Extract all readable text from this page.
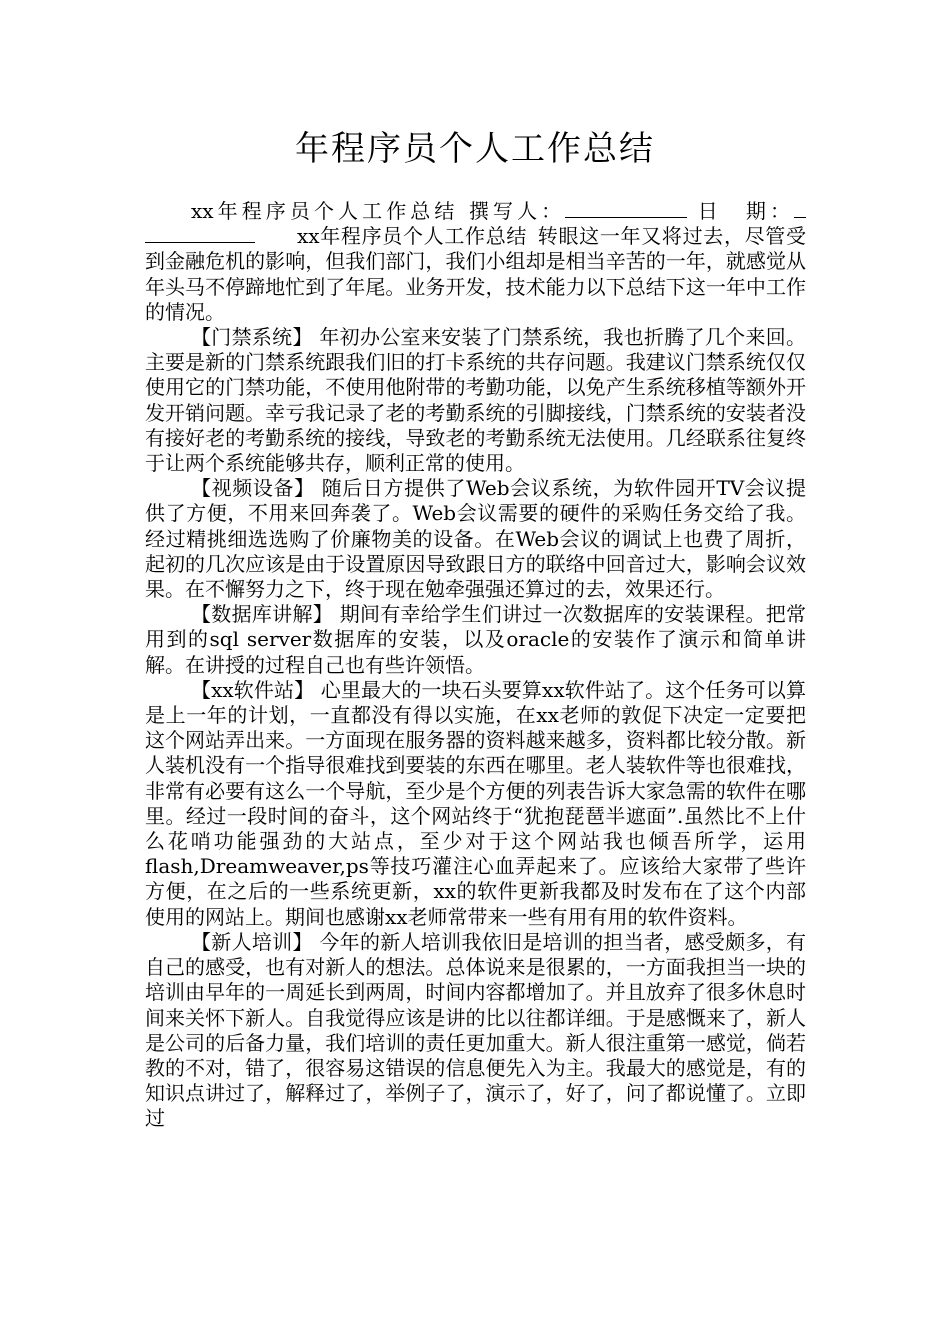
年程序员个人工作总结

xx年程序员个人工作总结 撰写人：	日　期：xx年程序员个人工作总结 转眼这一年又将过去，尽管受到金融危机的影响，但我们部门，我们小组却是相当辛苦的一年，就感觉从年头马不停蹄地忙到了年尾。业务开发，技术能力以下总结下这一年中工作的情况。

【门禁系统】 年初办公室来安装了门禁系统，我也折腾了几个来回。主要是新的门禁系统跟我们旧的打卡系统的共存问题。我建议门禁系统仅仅使用它的门禁功能，不使用他附带的考勤功能，以免产生系统移植等额外开发开销问题。幸亏我记录了老的考勤系统的引脚接线，门禁系统的安装者没有接好老的考勤系统的接线，导致老的考勤系统无法使用。几经联系往复终于让两个系统能够共存，顺利正常的使用。

【视频设备】 随后日方提供了Web会议系统，为软件园开TV会议提供了方便，不用来回奔袭了。Web会议需要的硬件的采购任务交给了我。经过精挑细选选购了价廉物美的设备。在Web会议的调试上也费了周折，起初的几次应该是由于设置原因导致跟日方的联络中回音过大，影响会议效果。在不懈努力之下，终于现在勉牵强强还算过的去，效果还行。

【数据库讲解】 期间有幸给学生们讲过一次数据库的安装课程。把常用到的sql server数据库的安装，以及oracle的安装作了演示和简单讲解。在讲授的过程自己也有些许领悟。

【xx软件站】 心里最大的一块石头要算xx软件站了。这个任务可以算是上一年的计划，一直都没有得以实施，在xx老师的敦促下决定一定要把这个网站弄出来。一方面现在服务器的资料越来越多，资料都比较分散。新人装机没有一个指导很难找到要装的东西在哪里。老人装软件等也很难找，非常有必要有这么一个导航，至少是个方便的列表告诉大家急需的软件在哪里。经过一段时间的奋斗，这个网站终于“犹抱琵琶半遮面”.虽然比不上什么花哨功能强劲的大站点，至少对于这个网站我也倾吾所学，运用flash,Dreamweaver,ps等技巧灌注心血弄起来了。应该给大家带了些许方便，在之后的一些系统更新，xx的软件更新我都及时发布在了这个内部使用的网站上。期间也感谢xx老师常带来一些有用有用的软件资料。

【新人培训】 今年的新人培训我依旧是培训的担当者，感受颇多，有自己的感受，也有对新人的想法。总体说来是很累的，一方面我担当一块的培训由早年的一周延长到两周，时间内容都增加了。并且放弃了很多休息时间来关怀下新人。自我觉得应该是讲的比以往都详细。于是感慨来了，新人是公司的后备力量，我们培训的责任更加重大。新人很注重第一感觉，倘若教的不对，错了，很容易这错误的信息便先入为主。我最大的感觉是，有的知识点讲过了，解释过了，举例子了，演示了，好了，问了都说懂了。立即过
